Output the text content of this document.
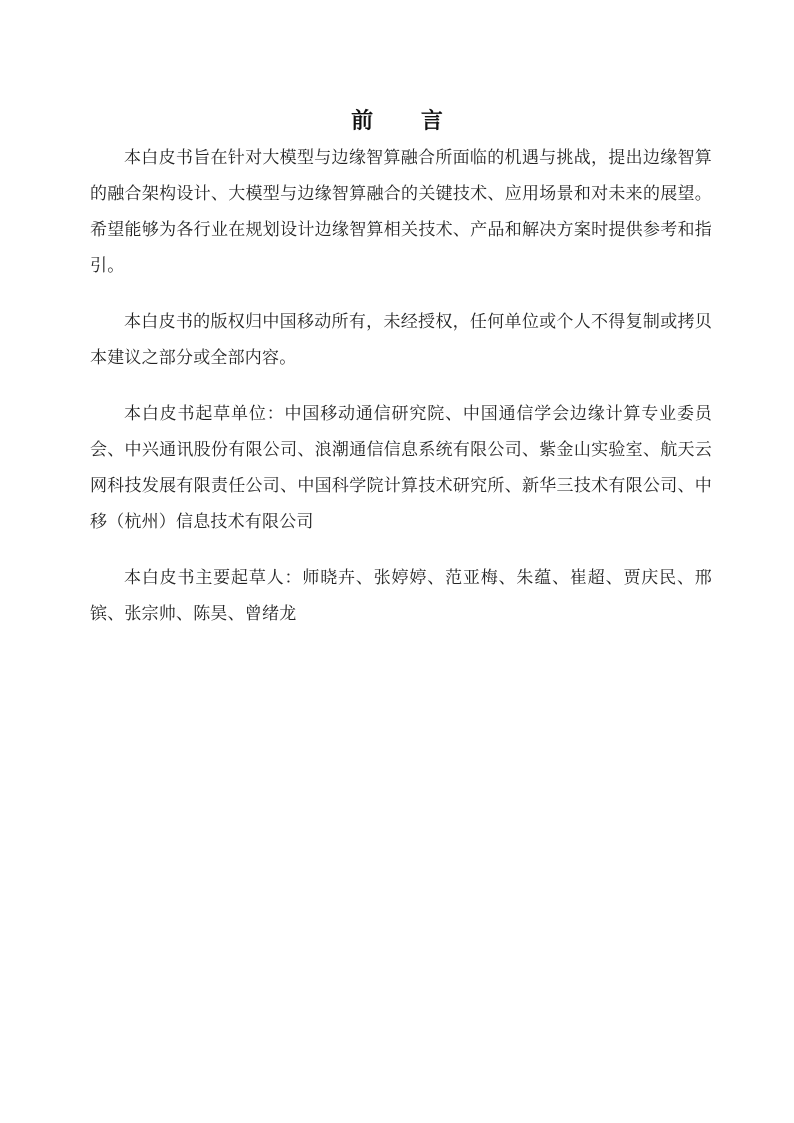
前 言

本白皮书旨在针对大模型与边缘智算融合所面临的机遇与挑战，提出边缘智算的融合架构设计、大模型与边缘智算融合的关键技术、应用场景和对未来的展望。希望能够为各行业在规划设计边缘智算相关技术、产品和解决方案时提供参考和指引。

本白皮书的版权归中国移动所有，未经授权，任何单位或个人不得复制或拷贝本建议之部分或全部内容。

本白皮书起草单位：中国移动通信研究院、中国通信学会边缘计算专业委员会、中兴通讯股份有限公司、浪潮通信信息系统有限公司、紫金山实验室、航天云网科技发展有限责任公司、中国科学院计算技术研究所、新华三技术有限公司、中移（杭州）信息技术有限公司

本白皮书主要起草人：师晓卉、张婷婷、范亚梅、朱蕴、崔超、贾庆民、邢镔、张宗帅、陈昊、曾绪龙
